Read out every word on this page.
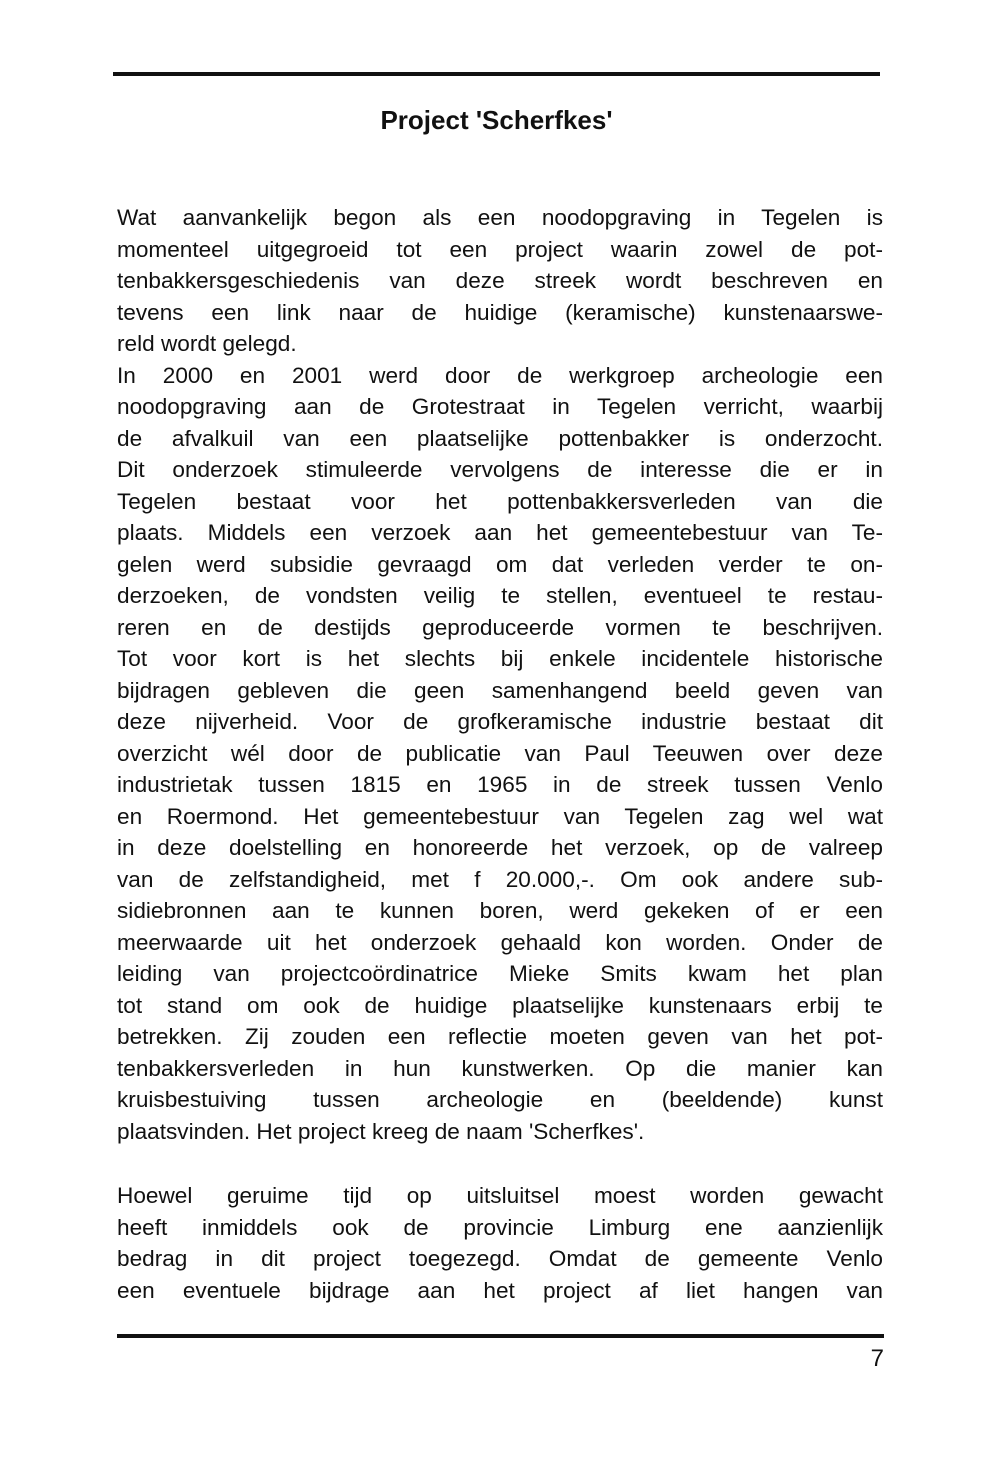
Project 'Scherfkes'
Wat aanvankelijk begon als een noodopgraving in Tegelen is
momenteel uitgegroeid tot een project waarin zowel de pot-
tenbakkersgeschiedenis van deze streek wordt beschreven en
tevens een link naar de huidige (keramische) kunstenaarswe-
reld wordt gelegd.
In 2000 en 2001 werd door de werkgroep archeologie een
noodopgraving aan de Grotestraat in Tegelen verricht, waarbij
de afvalkuil van een plaatselijke pottenbakker is onderzocht.
Dit onderzoek stimuleerde vervolgens de interesse die er in
Tegelen bestaat voor het pottenbakkersverleden van die
plaats. Middels een verzoek aan het gemeentebestuur van Te-
gelen werd subsidie gevraagd om dat verleden verder te on-
derzoeken, de vondsten veilig te stellen, eventueel te restau-
reren en de destijds geproduceerde vormen te beschrijven.
Tot voor kort is het slechts bij enkele incidentele historische
bijdragen gebleven die geen samenhangend beeld geven van
deze nijverheid. Voor de grofkeramische industrie bestaat dit
overzicht wél door de publicatie van Paul Teeuwen over deze
industrietak tussen 1815 en 1965 in de streek tussen Venlo
en Roermond. Het gemeentebestuur van Tegelen zag wel wat
in deze doelstelling en honoreerde het verzoek, op de valreep
van de zelfstandigheid, met f 20.000,-. Om ook andere sub-
sidiebronnen aan te kunnen boren, werd gekeken of er een
meerwaarde uit het onderzoek gehaald kon worden. Onder de
leiding van projectcoördinatrice Mieke Smits kwam het plan
tot stand om ook de huidige plaatselijke kunstenaars erbij te
betrekken. Zij zouden een reflectie moeten geven van het pot-
tenbakkersverleden in hun kunstwerken. Op die manier kan
kruisbestuiving tussen archeologie en (beeldende) kunst
plaatsvinden. Het project kreeg de naam 'Scherfkes'.
Hoewel geruime tijd op uitsluitsel moest worden gewacht
heeft inmiddels ook de provincie Limburg ene aanzienlijk
bedrag in dit project toegezegd. Omdat de gemeente Venlo
een eventuele bijdrage aan het project af liet hangen van
7
